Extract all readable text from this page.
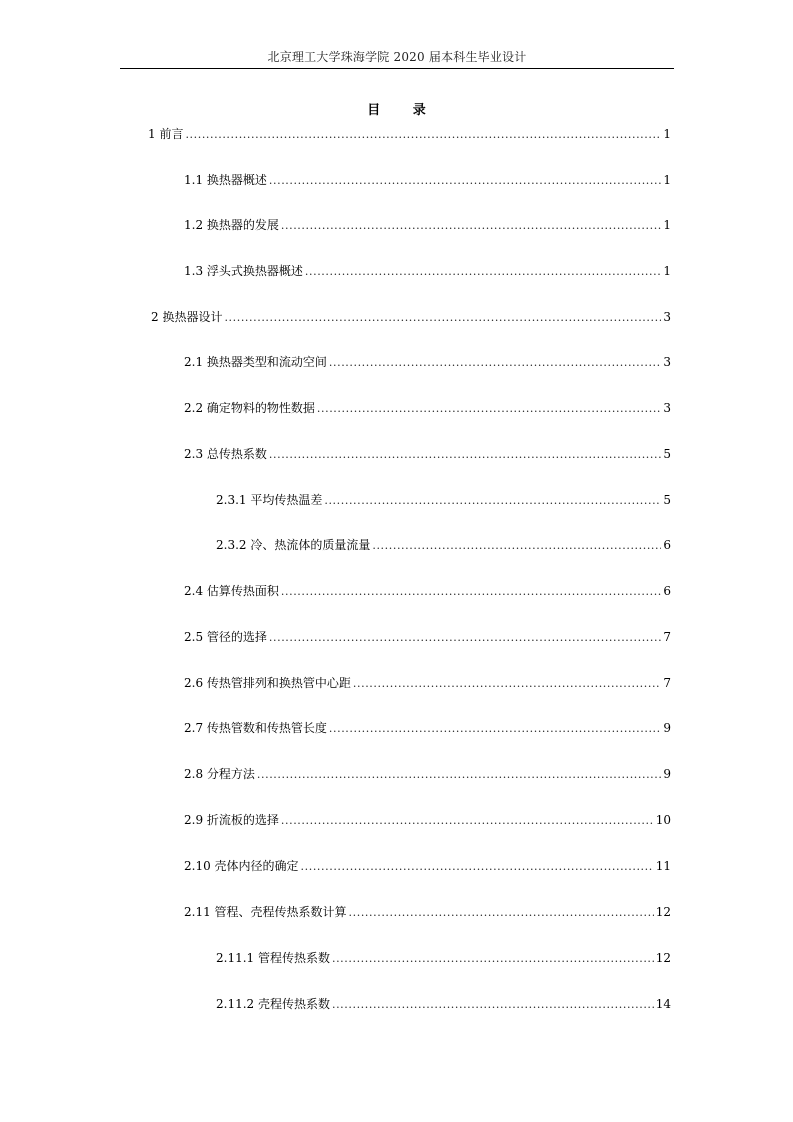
北京理工大学珠海学院 2020 届本科生毕业设计
目 录
1 前言 .....	1
1.1 换热器概述 .....	1
1.2 换热器的发展 .....	1
1.3 浮头式换热器概述 .....	1
2 换热器设计 .....	3
2.1 换热器类型和流动空间 .....	3
2.2 确定物料的物性数据 .....	3
2.3 总传热系数 .....	5
2.3.1 平均传热温差 .....	5
2.3.2 冷、热流体的质量流量 .....	6
2.4 估算传热面积 .....	6
2.5 管径的选择 .....	7
2.6 传热管排列和换热管中心距 .....	7
2.7 传热管数和传热管长度 .....	9
2.8 分程方法 .....	9
2.9 折流板的选择 .....	10
2.10 壳体内径的确定 .....	11
2.11 管程、壳程传热系数计算 .....	12
2.11.1 管程传热系数 .....	12
2.11.2 壳程传热系数 .....	14
